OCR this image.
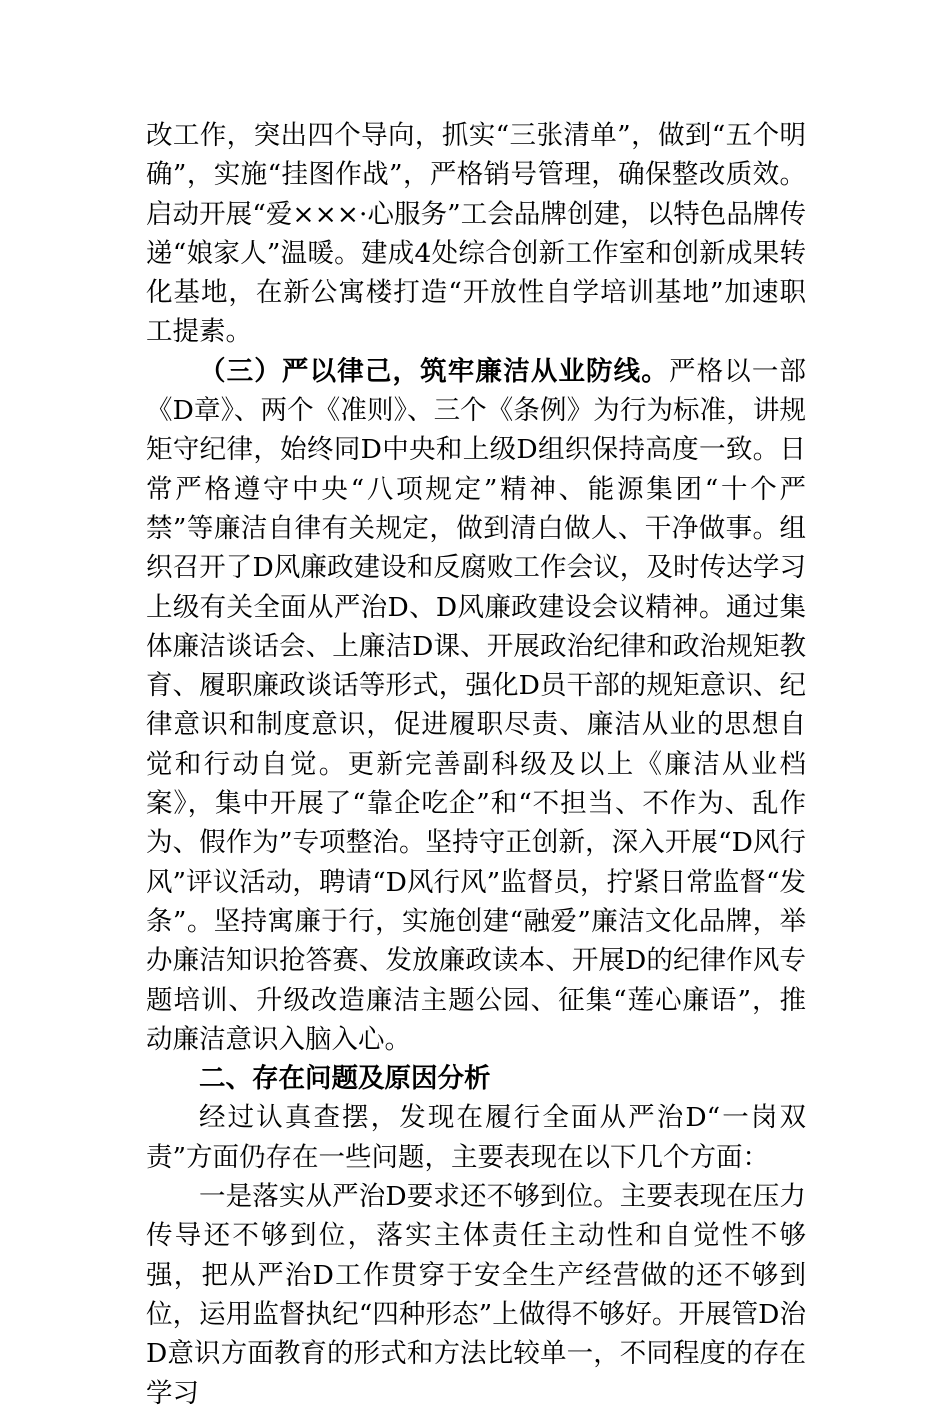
改工作，突出四个导向，抓实“三张清单”，做到“五个明确”，实施“挂图作战”，严格销号管理，确保整改质效。启动开展“爱×××·心服务”工会品牌创建，以特色品牌传递“娘家人”温暖。建成4处综合创新工作室和创新成果转化基地，在新公寓楼打造“开放性自学培训基地”加速职工提素。

（三）严以律己，筑牢廉洁从业防线。严格以一部《D章》、两个《准则》、三个《条例》为行为标准，讲规矩守纪律，始终同D中央和上级D组织保持高度一致。日常严格遵守中央“八项规定”精神、能源集团“十个严禁”等廉洁自律有关规定，做到清白做人、干净做事。组织召开了D风廉政建设和反腐败工作会议，及时传达学习上级有关全面从严治D、D风廉政建设会议精神。通过集体廉洁谈话会、上廉洁D课、开展政治纪律和政治规矩教育、履职廉政谈话等形式，强化D员干部的规矩意识、纪律意识和制度意识，促进履职尽责、廉洁从业的思想自觉和行动自觉。更新完善副科级及以上《廉洁从业档案》，集中开展了“靠企吃企”和“不担当、不作为、乱作为、假作为”专项整治。坚持守正创新，深入开展“D风行风”评议活动，聘请“D风行风”监督员，拧紧日常监督“发条”。坚持寓廉于行，实施创建“融爱”廉洁文化品牌，举办廉洁知识抢答赛、发放廉政读本、开展D的纪律作风专题培训、升级改造廉洁主题公园、征集“莲心廉语”，推动廉洁意识入脑入心。

二、存在问题及原因分析

经过认真查摆，发现在履行全面从严治D“一岗双责”方面仍存在一些问题，主要表现在以下几个方面：

一是落实从严治D要求还不够到位。主要表现在压力传导还不够到位，落实主体责任主动性和自觉性不够强，把从严治D工作贯穿于安全生产经营做的还不够到位，运用监督执纪“四种形态”上做得不够好。开展管D治D意识方面教育的形式和方法比较单一，不同程度的存在学习
